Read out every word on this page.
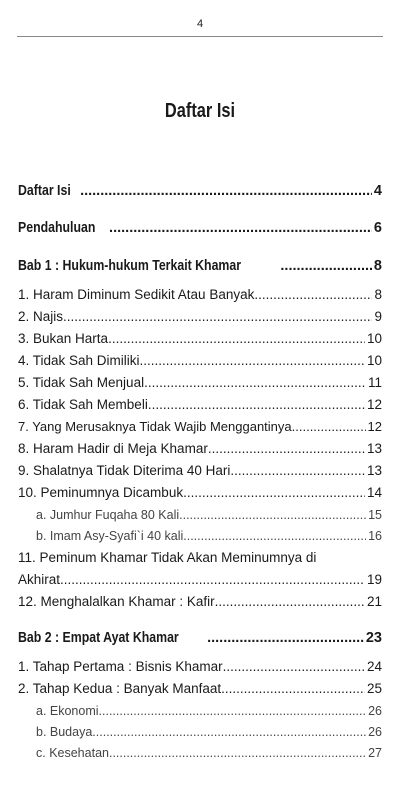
4
Daftar Isi
Daftar Isi .....	4
Pendahuluan .....	6
Bab 1 : Hukum-hukum Terkait Khamar .....	8
1. Haram Diminum Sedikit Atau Banyak .....	8
2. Najis .....	9
3. Bukan Harta .....	10
4. Tidak Sah Dimiliki .....	10
5. Tidak Sah Menjual .....	11
6. Tidak Sah Membeli .....	12
7. Yang Merusaknya Tidak Wajib Menggantinya .....	12
8. Haram Hadir di Meja Khamar .....	13
9. Shalatnya Tidak Diterima 40 Hari .....	13
10. Peminumnya Dicambuk .....	14
a. Jumhur Fuqaha 80 Kali .....	15
b. Imam Asy-Syafi`i 40 kali .....	16
11. Peminum Khamar Tidak Akan Meminumnya di
Akhirat .....	19
12. Menghalalkan Khamar : Kafir .....	21
Bab 2 : Empat Ayat Khamar .....	23
1. Tahap Pertama : Bisnis Khamar .....	24
2. Tahap Kedua : Banyak Manfaat .....	25
a. Ekonomi .....	26
b. Budaya .....	26
c. Kesehatan .....	27
